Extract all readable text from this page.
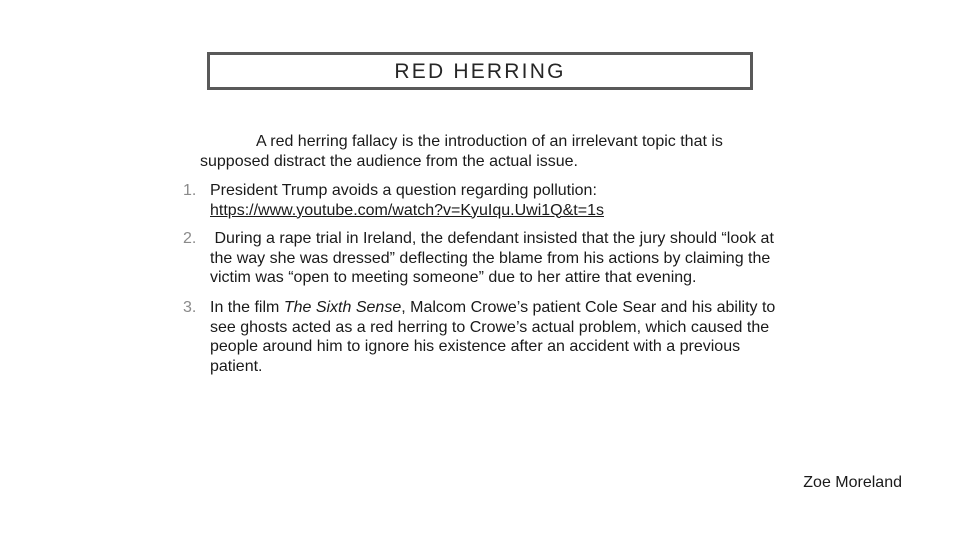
RED HERRING

A red herring fallacy is the introduction of an irrelevant topic that is supposed distract the audience from the actual issue.

1. President Trump avoids a question regarding pollution:
https://www.youtube.com/watch?v=KyuIqu.Uwi1Q&t=1s
2. During a rape trial in Ireland, the defendant insisted that the jury should “look at the way she was dressed” deflecting the blame from his actions by claiming the victim was “open to meeting someone” due to her attire that evening.
3. In the film The Sixth Sense, Malcom Crowe’s patient Cole Sear and his ability to see ghosts acted as a red herring to Crowe’s actual problem, which caused the people around him to ignore his existence after an accident with a previous patient.
Zoe Moreland
